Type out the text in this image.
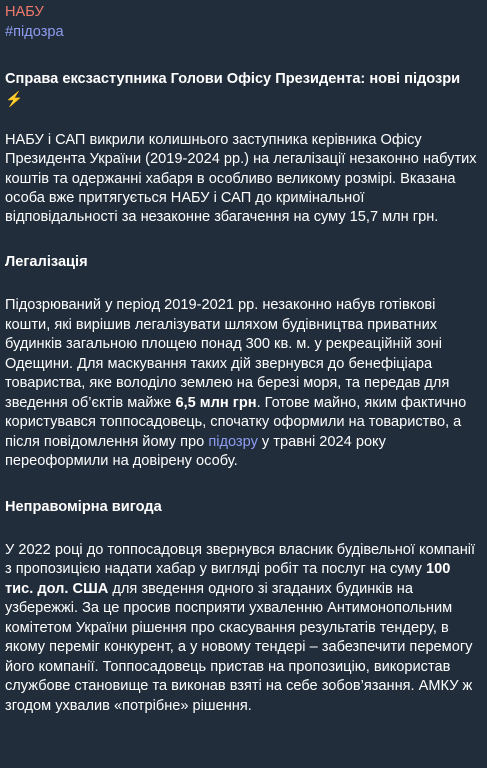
НАБУ
#підозра
Справа ексзаступника Голови Офісу Президента: нові підозри ⚡️
НАБУ і САП викрили колишнього заступника керівника Офісу Президента України (2019-2024 рр.) на легалізації незаконно набутих коштів та одержанні хабаря в особливо великому розмірі. Вказана особа вже притягується НАБУ і САП до кримінальної відповідальності за незаконне збагачення на суму 15,7 млн грн.
Легалізація
Підозрюваний у період 2019-2021 рр. незаконно набув готівкові кошти, які вирішив легалізувати шляхом будівництва приватних будинків загальною площею понад 300 кв. м. у рекреаційній зоні Одещини. Для маскування таких дій звернувся до бенефіціара товариства, яке володіло землею на березі моря, та передав для зведення об’єктів майже 6,5 млн грн. Готове майно, яким фактично користувався топпосадовець, спочатку оформили на товариство, а після повідомлення йому про підозру у травні 2024 року переоформили на довірену особу.
Неправомірна вигода
У 2022 році до топпосадовця звернувся власник будівельної компанії з пропозицією надати хабар у вигляді робіт та послуг на суму 100 тис. дол. США для зведення одного зі згаданих будинків на узбережжі. За це просив посприяти ухваленню Антимонопольним комітетом України рішення про скасування результатів тендеру, в якому переміг конкурент, а у новому тендері – забезпечити перемогу його компанії. Топпосадовець пристав на пропозицію, використав службове становище та виконав взяті на себе зобов’язання. АМКУ ж згодом ухвалив «потрібне» рішення.
